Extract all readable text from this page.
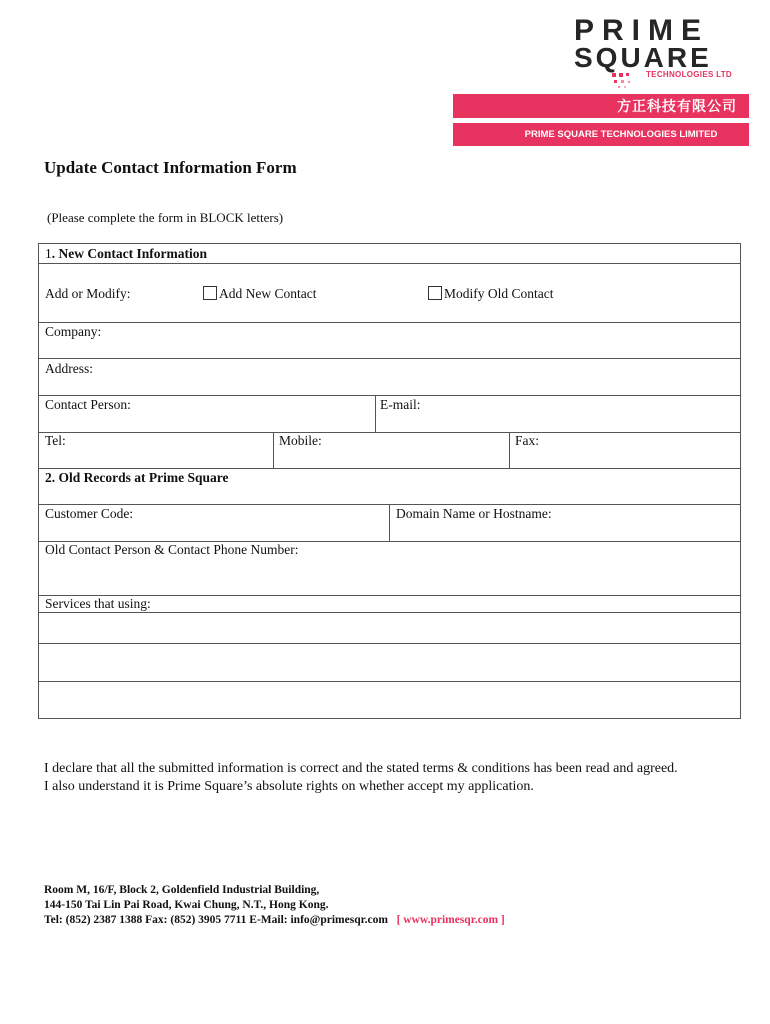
PRIME
SQUARE
TECHNOLOGIES LTD
方正科技有限公司
PRIME SQUARE TECHNOLOGIES LIMITED
Update Contact Information Form
(Please complete the form in BLOCK letters)
1. New Contact Information
Add or Modify:	Add New Contact	Modify Old Contact
Company:
Address:
Contact Person:	E-mail:
Tel:	Mobile:	Fax:
2. Old Records at Prime Square
Customer Code:	Domain Name or Hostname:
Old Contact Person & Contact Phone Number:
Services that using:
I declare that all the submitted information is correct and the stated terms & conditions has been read and agreed.
I also understand it is Prime Square’s absolute rights on whether accept my application.
Room M, 16/F, Block 2, Goldenfield Industrial Building,
144-150 Tai Lin Pai Road, Kwai Chung, N.T., Hong Kong.
Tel: (852) 2387 1388 Fax: (852) 3905 7711 E-Mail: info@primesqr.com [ www.primesqr.com ]
